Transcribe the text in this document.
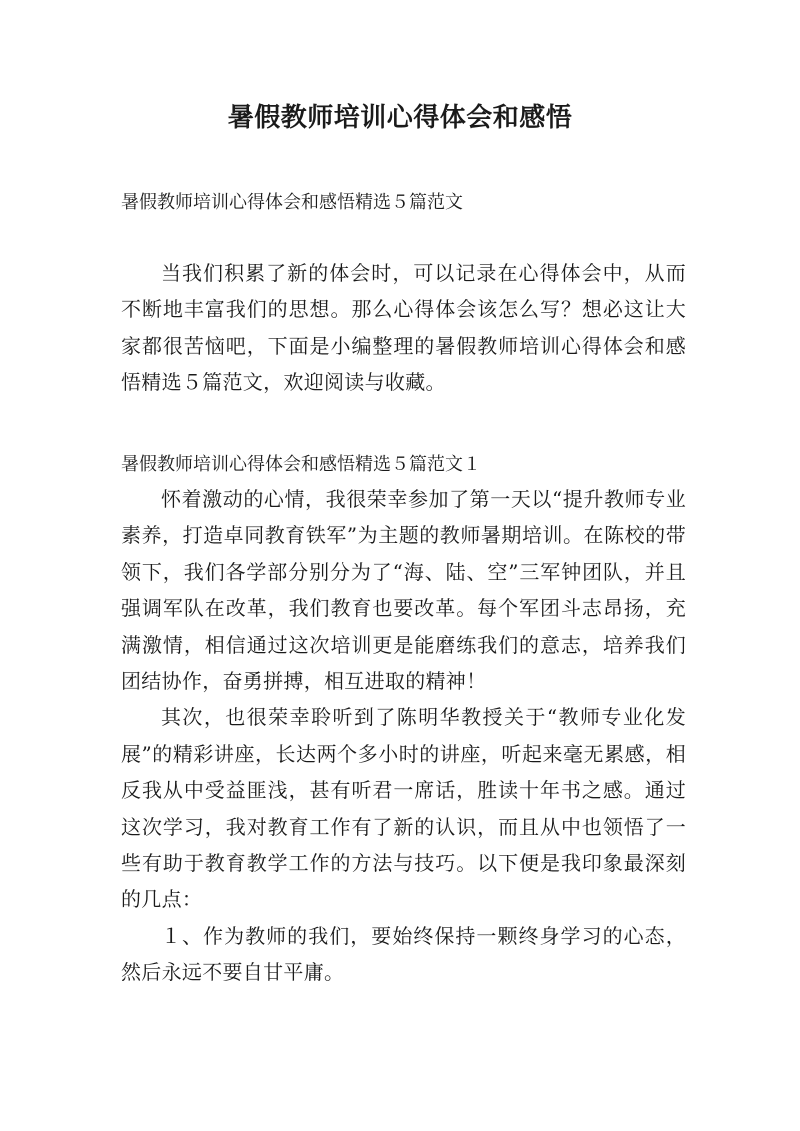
暑假教师培训心得体会和感悟
暑假教师培训心得体会和感悟精选５篇范文

当我们积累了新的体会时，可以记录在心得体会中，从而不断地丰富我们的思想。那么心得体会该怎么写？想必这让大家都很苦恼吧，下面是小编整理的暑假教师培训心得体会和感悟精选５篇范文，欢迎阅读与收藏。

暑假教师培训心得体会和感悟精选５篇范文１

怀着激动的心情，我很荣幸参加了第一天以“提升教师专业素养，打造卓同教育铁军”为主题的教师暑期培训。在陈校的带领下，我们各学部分别分为了“海、陆、空”三军钟团队，并且强调军队在改革，我们教育也要改革。每个军团斗志昂扬，充满激情，相信通过这次培训更是能磨练我们的意志，培养我们团结协作，奋勇拼搏，相互进取的精神！

其次，也很荣幸聆听到了陈明华教授关于“教师专业化发展”的精彩讲座，长达两个多小时的讲座，听起来毫无累感，相反我从中受益匪浅，甚有听君一席话，胜读十年书之感。通过这次学习，我对教育工作有了新的认识，而且从中也领悟了一些有助于教育教学工作的方法与技巧。以下便是我印象最深刻的几点：

１、作为教师的我们，要始终保持一颗终身学习的心态，然后永远不要自甘平庸。
